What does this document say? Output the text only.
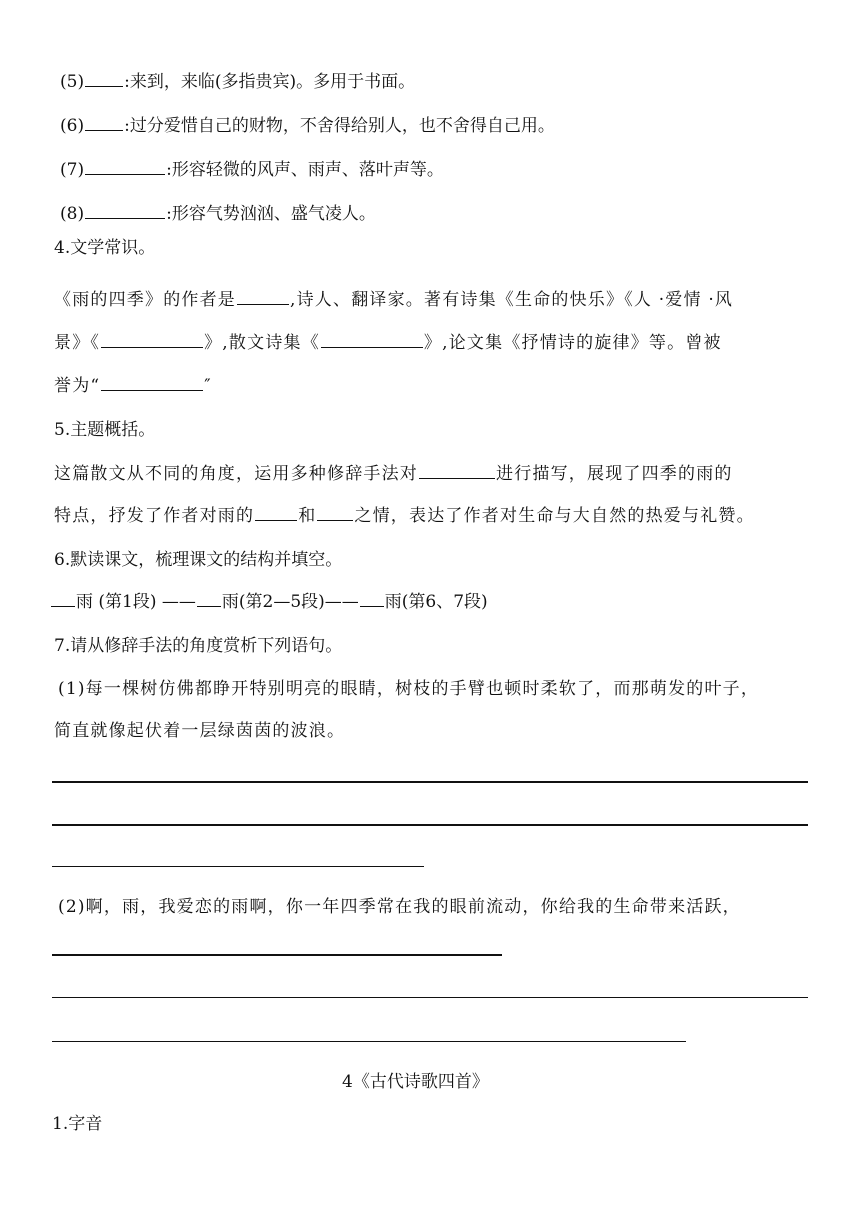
(5) :来到，来临(多指贵宾)。多用于书面。
(6) :过分爱惜自己的财物，不舍得给别人，也不舍得自己用。
(7)	:形容轻微的风声、雨声、落叶声等。
(8)	:形容气势汹汹、盛气凌人。
4.文学常识。
《雨的四季》的作者是	,诗人、翻译家。著有诗集《生命的快乐》《人 ·爱情 ·风
景》《	》,散文诗集《	》,论文集《抒情诗的旋律》等。曾被
誉为“	″
5.主题概括。
这篇散文从不同的角度，运用多种修辞手法对	进行描写，展现了四季的雨的
特点，抒发了作者对雨的	和 之情，表达了作者对生命与大自然的热爱与礼赞。
6.默读课文，梳理课文的结构并填空。
雨 (第1段) —— 雨(第2—5段)—— 雨(第6、7段)
7.请从修辞手法的角度赏析下列语句。
(1)每一棵树仿佛都睁开特别明亮的眼睛，树枝的手臂也顿时柔软了，而那萌发的叶子，
简直就像起伏着一层绿茵茵的波浪。
(2)啊，雨，我爱恋的雨啊，你一年四季常在我的眼前流动，你给我的生命带来活跃，
4《古代诗歌四首》
1.字音
